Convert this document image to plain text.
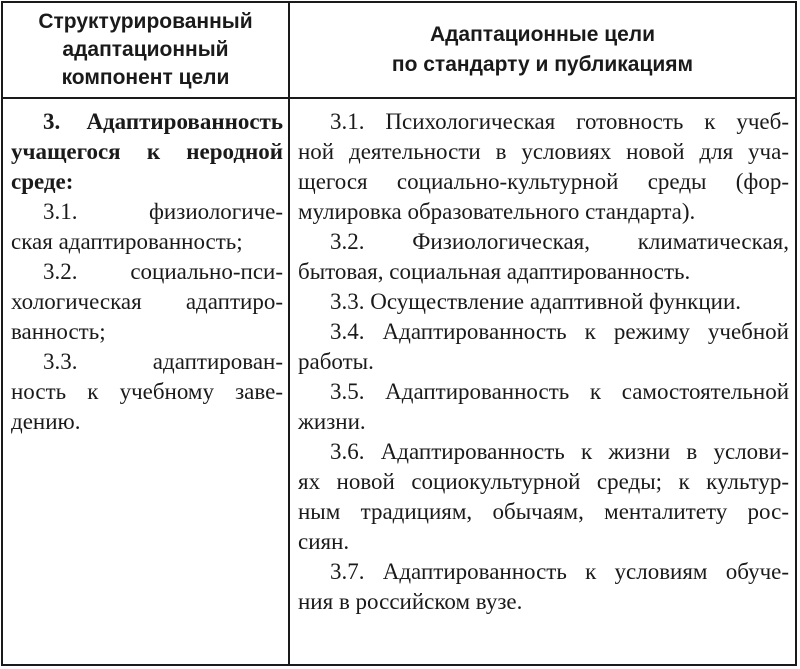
Структурированный
адаптационный
компонент цели
Адаптационные цели
по стандарту и публикациям
3. Адаптированность
учащегося к неродной
среде:
3.1. физиологиче-
ская адаптированность;
3.2. социально-пси-
хологическая адаптиро-
ванность;
3.3. адаптирован-
ность к учебному заве-
дению.
3.1. Психологическая готовность к учеб-
ной деятельности в условиях новой для уча-
щегося социально-культурной среды (фор-
мулировка образовательного стандарта).
3.2. Физиологическая, климатическая,
бытовая, социальная адаптированность.
3.3. Осуществление адаптивной функции.
3.4. Адаптированность к режиму учебной
работы.
3.5. Адаптированность к самостоятельной
жизни.
3.6. Адаптированность к жизни в услови-
ях новой социокультурной среды; к культур-
ным традициям, обычаям, менталитету рос-
сиян.
3.7. Адаптированность к условиям обуче-
ния в российском вузе.
